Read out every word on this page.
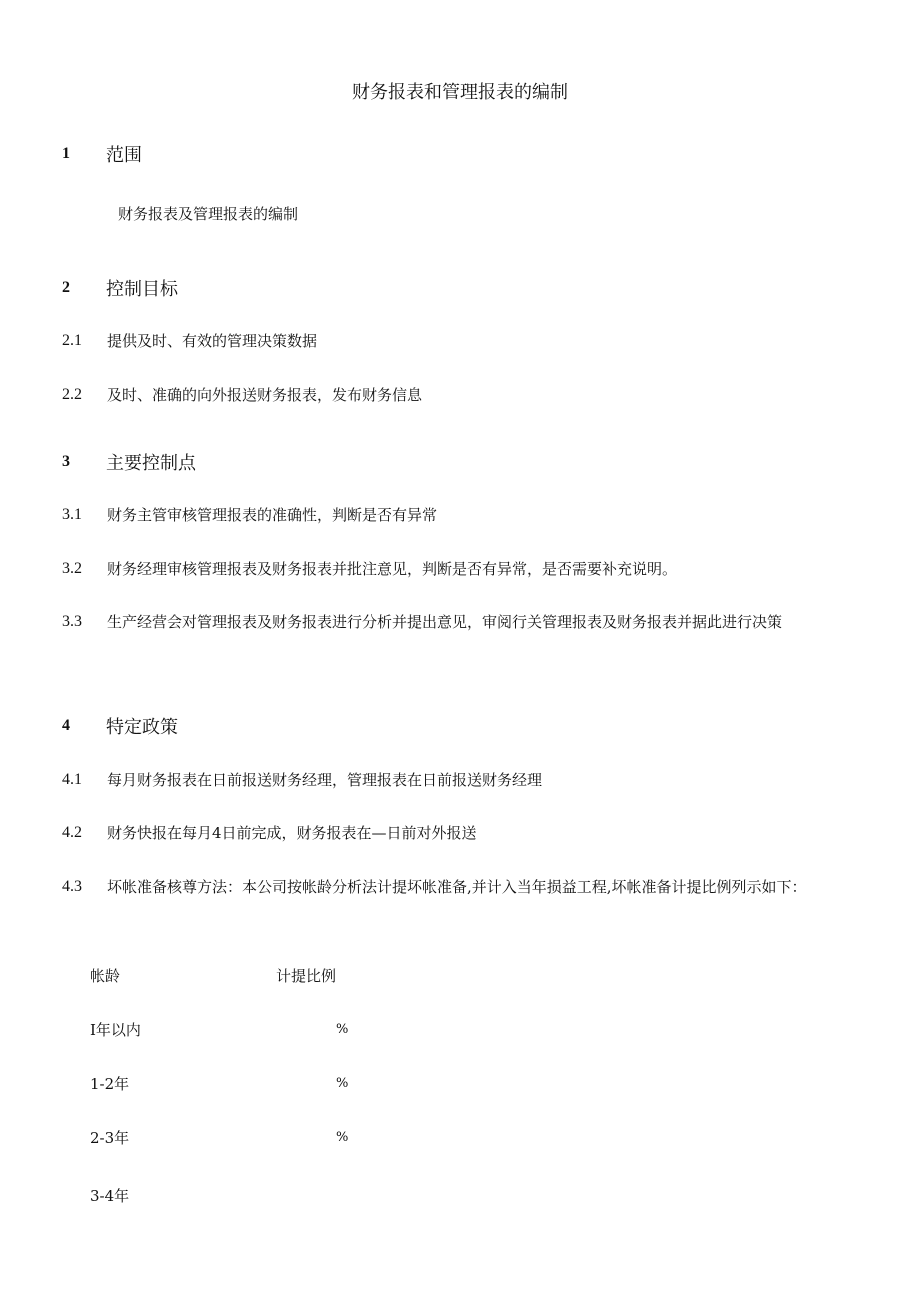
财务报表和管理报表的编制
1	范围
财务报表及管理报表的编制
2	控制目标
2.1	提供及时、有效的管理决策数据
2.2	及时、准确的向外报送财务报表，发布财务信息
3	主要控制点
3.1	财务主管审核管理报表的准确性，判断是否有异常
3.2	财务经理审核管理报表及财务报表并批注意见，判断是否有异常，是否需要补充说明。
3.3	生产经营会对管理报表及财务报表进行分析并提出意见，审阅行关管理报表及财务报表并据此进行决策
4	特定政策
4.1	每月财务报表在日前报送财务经理，管理报表在日前报送财务经理
4.2	财务快报在每月4日前完成，财务报表在—日前对外报送
4.3	坏帐准备核尊方法：本公司按帐龄分析法计提坏帐准备,并计入当年损益工程,坏帐准备计提比例列示如下：
帐龄	计提比例
I年以内	%
1-2年	%
2-3年	%
3-4年
